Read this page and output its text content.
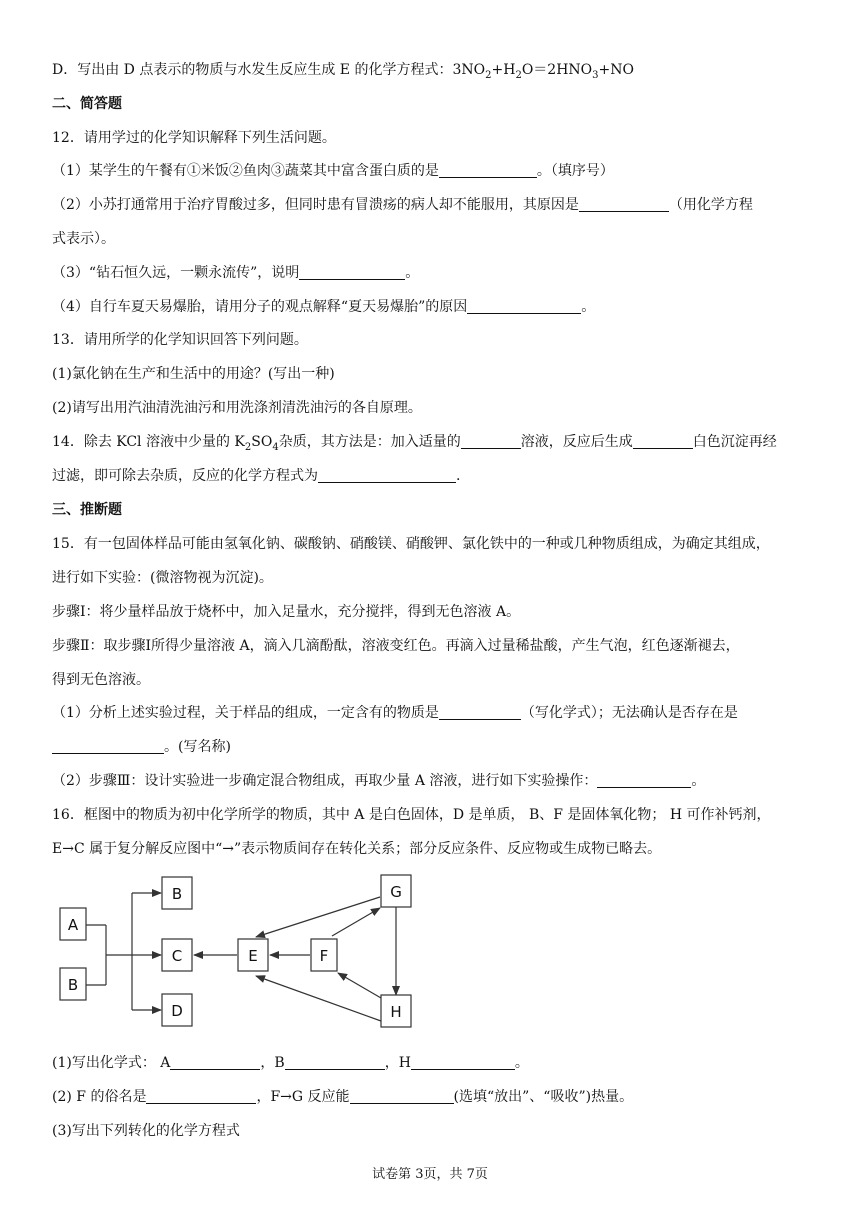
D．写出由 D 点表示的物质与水发生反应生成 E 的化学方程式：$3NO_2+H_2O=2HNO_3+NO$
二、简答题
12．请用学过的化学知识解释下列生活问题。
（1）某学生的午餐有①米饭②鱼肉③蔬菜其中富含蛋白质的是	。（填序号）
（2）小苏打通常用于治疗胃酸过多，但同时患有冒溃疡的病人却不能服用，其原因是	（用化学方程
式表示）。
（3）“钻石恒久远，一颗永流传”，说明	。
（4）自行车夏天易爆胎，请用分子的观点解释“夏天易爆胎”的原因	。
13．请用所学的化学知识回答下列问题。
(1)氯化钠在生产和生活中的用途？(写出一种)
(2)请写出用汽油清洗油污和用洗涤剂清洗油污的各自原理。
14．除去 KCl 溶液中少量的 $K_2SO_4$杂质，其方法是：加入适量的	溶液，反应后生成	白色沉淀再经
过滤，即可除去杂质，反应的化学方程式为	.
三、推断题
15．有一包固体样品可能由氢氧化钠、碳酸钠、硝酸镁、硝酸钾、氯化铁中的一种或几种物质组成，为确定其组成，
进行如下实验：(微溶物视为沉淀)。
步骤Ⅰ：将少量样品放于烧杯中，加入足量水，充分搅拌，得到无色溶液 A。
步骤Ⅱ：取步骤Ⅰ所得少量溶液 A，滴入几滴酚酞，溶液变红色。再滴入过量稀盐酸，产生气泡，红色逐渐褪去，
得到无色溶液。
（1）分析上述实验过程，关于样品的组成，一定含有的物质是	（写化学式）；无法确认是否存在是
。(写名称)
（2）步骤Ⅲ：设计实验进一步确定混合物组成，再取少量 A 溶液，进行如下实验操作：	。
16．框图中的物质为初中化学所学的物质，其中 A 是白色固体，D 是单质， B、F 是固体氧化物； H 可作补钙剂，
E→C 属于复分解反应图中“→”表示物质间存在转化关系；部分反应条件、反应物或生成物已略去。
A
B
B
C
D
E	F
G
H
(1)写出化学式： A	，B	，H	。
(2) F 的俗名是	，F→G 反应能	(选填“放出”、“吸收”)热量。
(3)写出下列转化的化学方程式
试卷第 3页，共 7页
